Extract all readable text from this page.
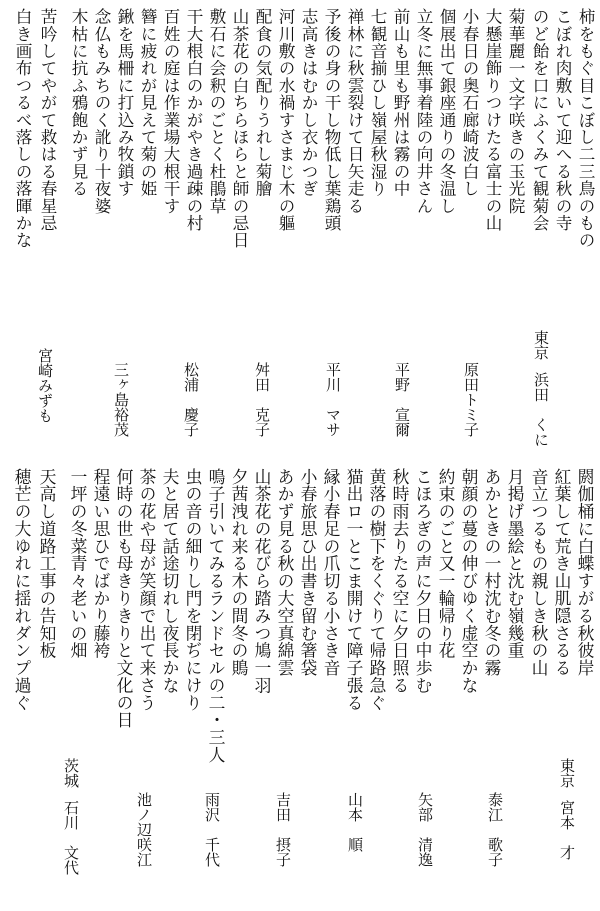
柿をもぐ目こぼし二三鳥のもの
こぼれ肉敷いて迎へる秋の寺
のど飴を口にふくみて観菊会
菊華麗一文字咲きの玉光院
大懸崖飾りつけたる富士の山
小春日の奥石廊崎波白し
個展出て銀座通りの冬温し
立冬に無事着陸の向井さん
前山も里も野州は霧の中
七観音揃ひし嶺屋秋湿り
禅林に秋雲裂けて日矢走る
予後の身の干し物低し葉鶏頭
志高きはむかし衣かつぎ
河川敷の水禍すさまじ木の軀
配食の気配りうれし菊膾
山茶花の白ちらほらと師の忌日
敷石に会釈のごとく杜鵑草
干大根白のかがやき過疎の村
百姓の庭は作業場大根干す
簪に疲れが見えて菊の姫
鍬を馬柵に打込み牧鎖す
念仏もみちのく訛り十夜婆
木枯に抗ふ鴉飽かず見る
苦吟してやがて救はる春星忌
白き画布つるべ落しの落暉かな
東京浜田　くに
原田トミ子
平野　宣爾
平川　マサ
舛田　克子
松浦　慶子
三ヶ島裕茂
宮崎みずも
閼伽桶に白蝶すがる秋彼岸
紅葉して荒き山肌隠さるる
音立つるもの親しき秋の山
月掲げ墨絵と沈む嶺幾重
あかときの一村沈む冬の霧
朝顔の蔓の伸びゆく虚空かな
約束のごと又一輪帰り花
こほろぎの声に夕日の中歩む
秋時雨去りたる空に夕日照る
黄落の樹下をくぐりて帰路急ぐ
猫出ロ一とこま開けて障子張る
縁小春足の爪切る小さき音
小春旅思ひ出書き留む箸袋
あかず見る秋の大空真綿雲
山茶花の花びら踏みつ鳩一羽
夕茜洩れ来る木の間冬の鵙
鳴子引いてみるランドセルの二・三人
虫の音の細りし門を閉ぢにけり
夫と居て話途切れし夜長かな
茶の花や母が笑顔で出て来さう
何時の世も母きりきりと文化の日
程遠い思ひでばかり藤袴
一坪の冬菜青々老いの畑
天高し道路工事の告知板
穂芒の大ゆれに揺れダンプ過ぐ
東京宮本　才
泰江　歌子
矢部　清逸
山本　順
吉田　摂子
雨沢　千代
池ノ辺咲江
茨城石川　文代
